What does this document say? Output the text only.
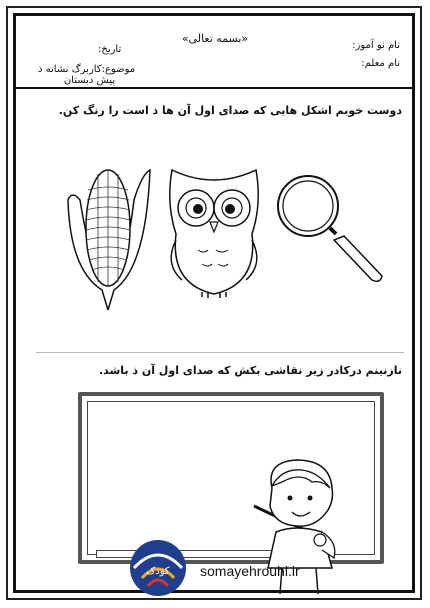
«بسمه تعالی»
نام نو آموز:
نام معلم:
تاریخ:
موضوع:کاربرگ نشانه ذ
پیش دبستان
دوست خوبم اشکل هایی که صدای اول آن ها ذ است را رنگ کن.
نازنینم درکادر زیر نقاشی بکش که صدای اول آن ذ باشد.
کودک somayehrouhi.ir
